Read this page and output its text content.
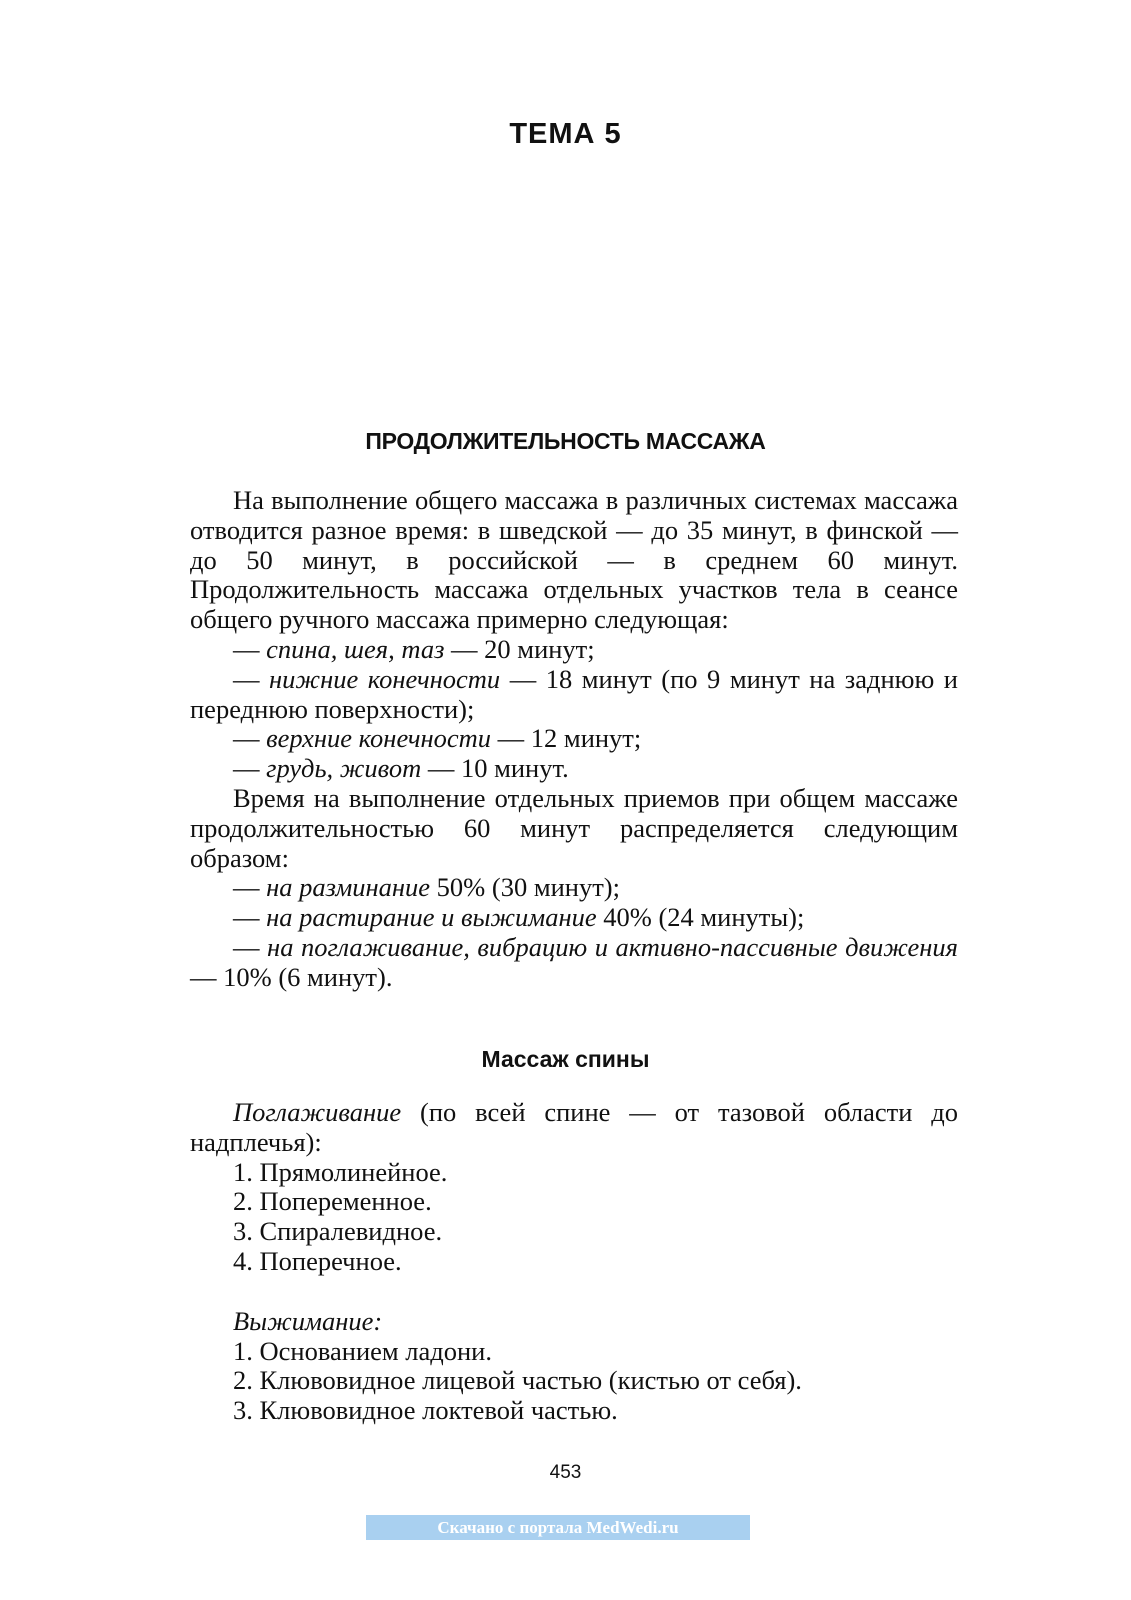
ТЕМА 5
ПРОДОЛЖИТЕЛЬНОСТЬ МАССАЖА

На выполнение общего массажа в различных системах массажа отводится разное время: в шведской — до 35 минут, в финской — до 50 минут, в российской — в среднем 60 минут. Продолжительность массажа отдельных участков тела в сеансе общего ручного массажа примерно следующая:

— спина, шея, таз — 20 минут;

— нижние конечности — 18 минут (по 9 минут на заднюю и переднюю поверхности);

— верхние конечности — 12 минут;

— грудь, живот — 10 минут.

Время на выполнение отдельных приемов при общем массаже продолжительностью 60 минут распределяется следующим образом:

— на разминание 50% (30 минут);

— на растирание и выжимание 40% (24 минуты);

— на поглаживание, вибрацию и активно-пассивные движения — 10% (6 минут).

Массаж спины

Поглаживание (по всей спине — от тазовой области до надплечья):

1. Прямолинейное.
2. Попеременное.
3. Спиралевидное.
4. Поперечное.

Выжимание:

1. Основанием ладони.
2. Клювовидное лицевой частью (кистью от себя).
3. Клювовидное локтевой частью.
453
Скачано с портала MedWedi.ru
